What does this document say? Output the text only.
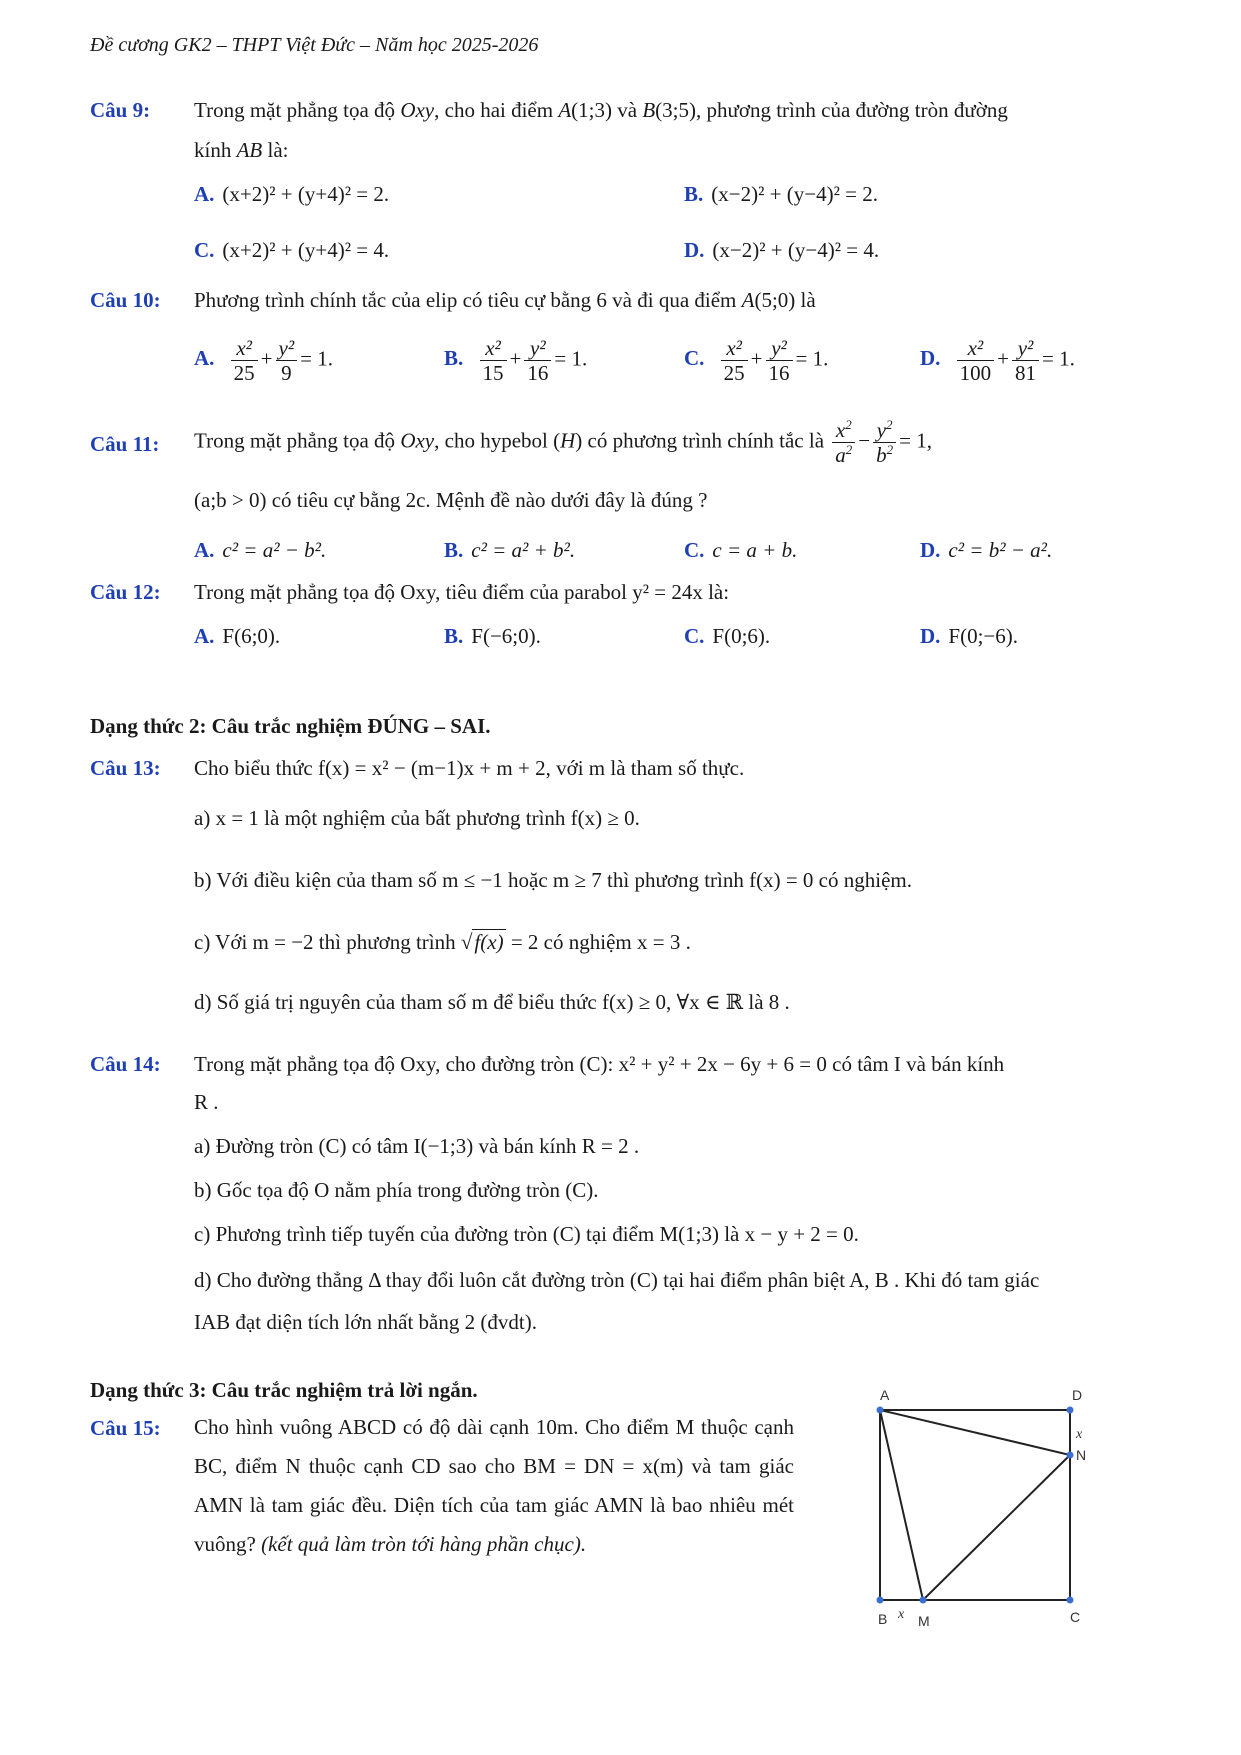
Đề cương GK2 – THPT Việt Đức – Năm học 2025-2026
Câu 9: Trong mặt phẳng tọa độ Oxy, cho hai điểm A(1;3) và B(3;5), phương trình của đường tròn đường
kính AB là:
A. (x+2)² + (y+4)² = 2.	B. (x−2)² + (y−4)² = 2.
C. (x+2)² + (y+4)² = 4.	D. (x−2)² + (y−4)² = 4.
Câu 10: Phương trình chính tắc của elip có tiêu cự bằng 6 và đi qua điểm A(5;0) là
A. $\frac{\text{x²}}{25} + \frac{\text{y²}}{9} = 1$.	B. $\frac{\text{x²}}{15} + \frac{\text{y²}}{16} = 1$.	C. $\frac{\text{x²}}{25} + \frac{\text{y²}}{16} = 1$.	D. $\frac{\text{x²}}{100} + \frac{\text{y²}}{81} = 1$.
Câu 11: Trong mặt phẳng tọa độ Oxy, cho hypebol (H) có phương trình chính tắc là $\frac{x^2}{a^2} - \frac{y^2}{b^2} = 1$,
(a;b > 0) có tiêu cự bằng 2c. Mệnh đề nào dưới đây là đúng ?
A. c² = a² − b².	B. c² = a² + b².	C. c = a + b.	D. c² = b² − a².
Câu 12: Trong mặt phẳng tọa độ Oxy, tiêu điểm của parabol y² = 24x là:
A. F(6;0).	B. F(−6;0).	C. F(0;6).	D. F(0;−6).
Dạng thức 2: Câu trắc nghiệm ĐÚNG – SAI.
Câu 13: Cho biểu thức f(x) = x² − (m−1)x + m + 2, với m là tham số thực.
a) x = 1 là một nghiệm của bất phương trình f(x) ≥ 0.
b) Với điều kiện của tham số m ≤ −1 hoặc m ≥ 7 thì phương trình f(x) = 0 có nghiệm.
c) Với m = −2 thì phương trình √f(x) = 2 có nghiệm x = 3 .
d) Số giá trị nguyên của tham số m để biểu thức f(x) ≥ 0, ∀x ∈ ℝ là 8 .
Câu 14: Trong mặt phẳng tọa độ Oxy, cho đường tròn (C): x² + y² + 2x − 6y + 6 = 0 có tâm I và bán kính
R .
a) Đường tròn (C) có tâm I(−1;3) và bán kính R = 2 .
b) Gốc tọa độ O nằm phía trong đường tròn (C).
c) Phương trình tiếp tuyến của đường tròn (C) tại điểm M(1;3) là x − y + 2 = 0.
d) Cho đường thẳng Δ thay đổi luôn cắt đường tròn (C) tại hai điểm phân biệt A, B . Khi đó tam giác
IAB đạt diện tích lớn nhất bằng 2 (đvdt).
Dạng thức 3: Câu trắc nghiệm trả lời ngắn.
Câu 15: Cho hình vuông ABCD có độ dài cạnh 10m. Cho điểm M thuộc cạnh BC, điểm N thuộc cạnh CD sao cho BM = DN = x(m) và tam giác AMN là tam giác đều. Diện tích của tam giác AMN là bao nhiêu mét vuông? (kết quả làm tròn tới hàng phần chục).
A	D
B	C
M
N
x
x
